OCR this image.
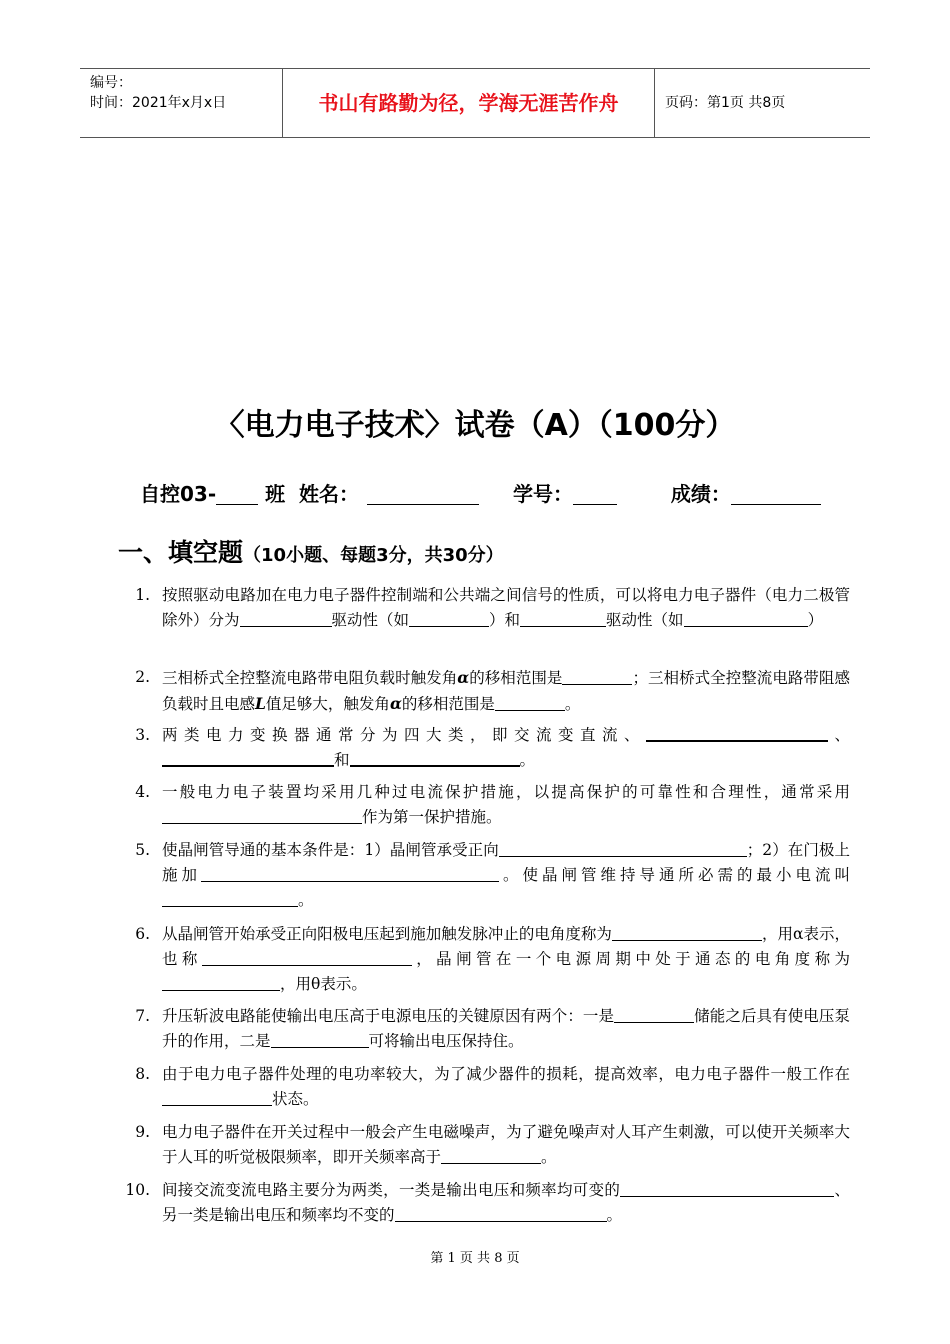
编号：
时间：2021年x月x日	书山有路勤为径，学海无涯苦作舟	页码：第1页 共8页
〈电力电子技术〉试卷（A）（100分）
自控03- 班 姓名：	学号：	成绩：
一、填空题（10小题、每题3分，共30分）
1. 按照驱动电路加在电力电子器件控制端和公共端之间信号的性质，可以将电力电子器件（电力二极管除外）分为	驱动性（如	）和	驱动性（如	）
2. 三相桥式全控整流电路带电阻负载时触发角α的移相范围是	；三相桥式全控整流电路带阻感负载时且电感L值足够大，触发角α的移相范围是	。
3. 两类电力变换器通常分为四大类，即交流变直流、	、和	。
4. 一般电力电子装置均采用几种过电流保护措施，以提高保护的可靠性和合理性，通常采用作为第一保护措施。
5. 使晶闸管导通的基本条件是：1）晶闸管承受正向	；2）在门极上施加	。使晶闸管维持导通所必需的最小电流叫。
6. 从晶闸管开始承受正向阳极电压起到施加触发脉冲止的电角度称为	，用α表示，也称	，晶闸管在一个电源周期中处于通态的电角度称为，用θ表示。
7. 升压斩波电路能使输出电压高于电源电压的关键原因有两个：一是	储能之后具有使电压泵升的作用，二是	可将输出电压保持住。
8. 由于电力电子器件处理的电功率较大，为了减少器件的损耗，提高效率，电力电子器件一般工作在状态。
9. 电力电子器件在开关过程中一般会产生电磁噪声，为了避免噪声对人耳产生刺激，可以使开关频率大于人耳的听觉极限频率，即开关频率高于	。
10. 间接交流变流电路主要分为两类，一类是输出电压和频率均可变的	、另一类是输出电压和频率均不变的	。
第 1 页 共 8 页
